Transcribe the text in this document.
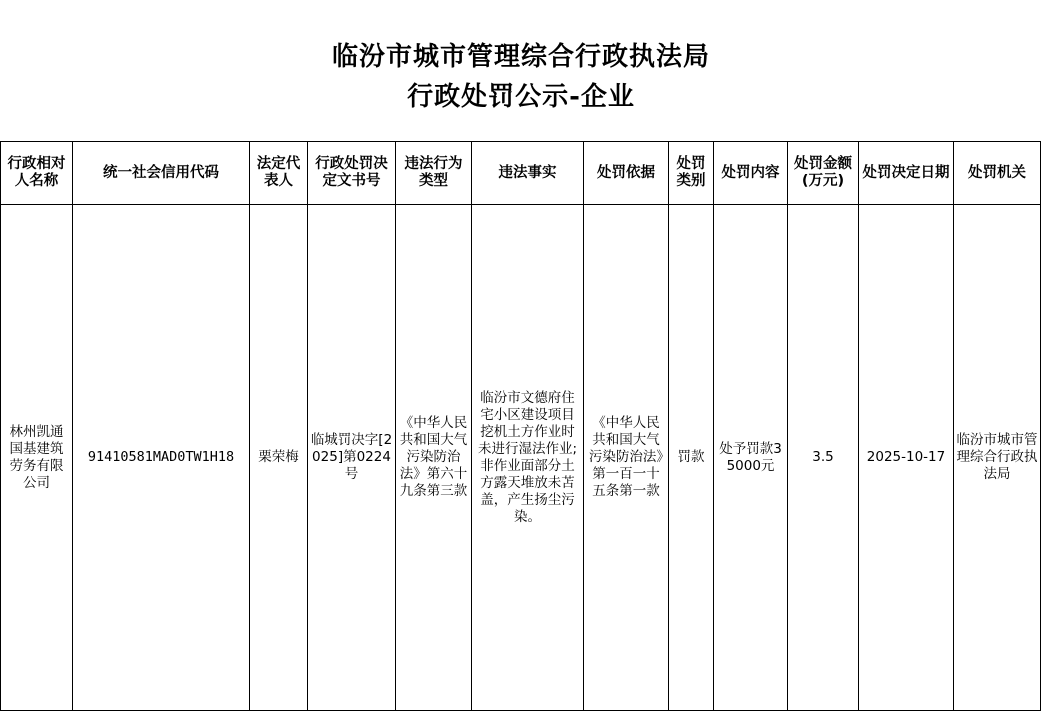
临汾市城市管理综合行政执法局
行政处罚公示-企业
行政相对人名称	统一社会信用代码	法定代表人	行政处罚决定文书号	违法行为类型	违法事实	处罚依据	处罚类别	处罚内容	处罚金额(万元)	处罚决定日期	处罚机关
林州凯通国基建筑劳务有限公司	91410581MAD0TW1H18	栗荣梅	临城罚决字[2025]第0224号	《中华人民共和国大气污染防治法》第六十九条第三款	临汾市文德府住宅小区建设项目挖机土方作业时未进行湿法作业;非作业面部分土方露天堆放未苫盖，产生扬尘污染。	《中华人民共和国大气污染防治法》第一百一十五条第一款	罚款	处予罚款35000元	3.5	2025-10-17	临汾市城市管理综合行政执法局
